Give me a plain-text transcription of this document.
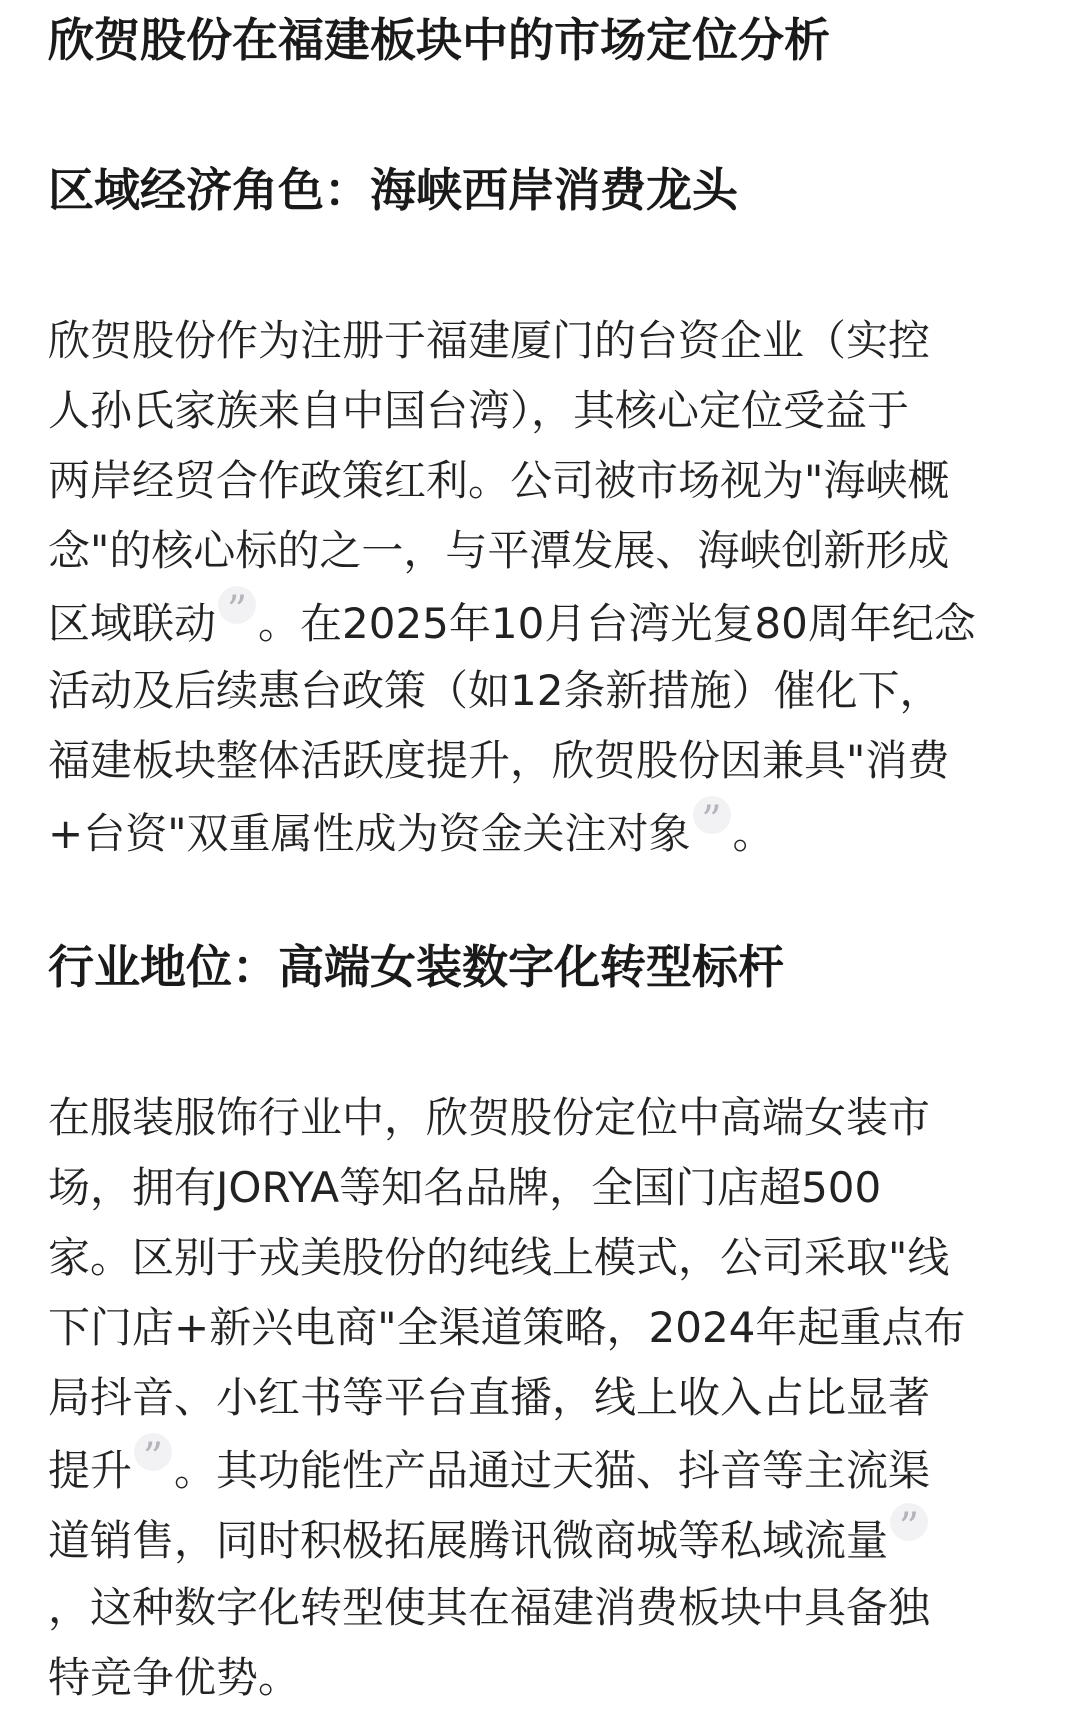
欣贺股份在福建板块中的市场定位分析
区域经济角色：海峡西岸消费龙头
欣贺股份作为注册于福建厦门的台资企业（实控
人孙氏家族来自中国台湾），其核心定位受益于
两岸经贸合作政策红利。公司被市场视为"海峡概
念"的核心标的之一，与平潭发展、海峡创新形成
区域联动 ” 。在2025年10月台湾光复80周年纪念
活动及后续惠台政策（如12条新措施）催化下，
福建板块整体活跃度提升，欣贺股份因兼具"消费
+台资"双重属性成为资金关注对象 ” 。
行业地位：高端女装数字化转型标杆
在服装服饰行业中，欣贺股份定位中高端女装市
场，拥有JORYA等知名品牌，全国门店超500
家。区别于戎美股份的纯线上模式，公司采取"线
下门店+新兴电商"全渠道策略，2024年起重点布
局抖音、小红书等平台直播，线上收入占比显著
提升 ” 。其功能性产品通过天猫、抖音等主流渠
道销售，同时积极拓展腾讯微商城等私域流量 ”
，这种数字化转型使其在福建消费板块中具备独
特竞争优势。
